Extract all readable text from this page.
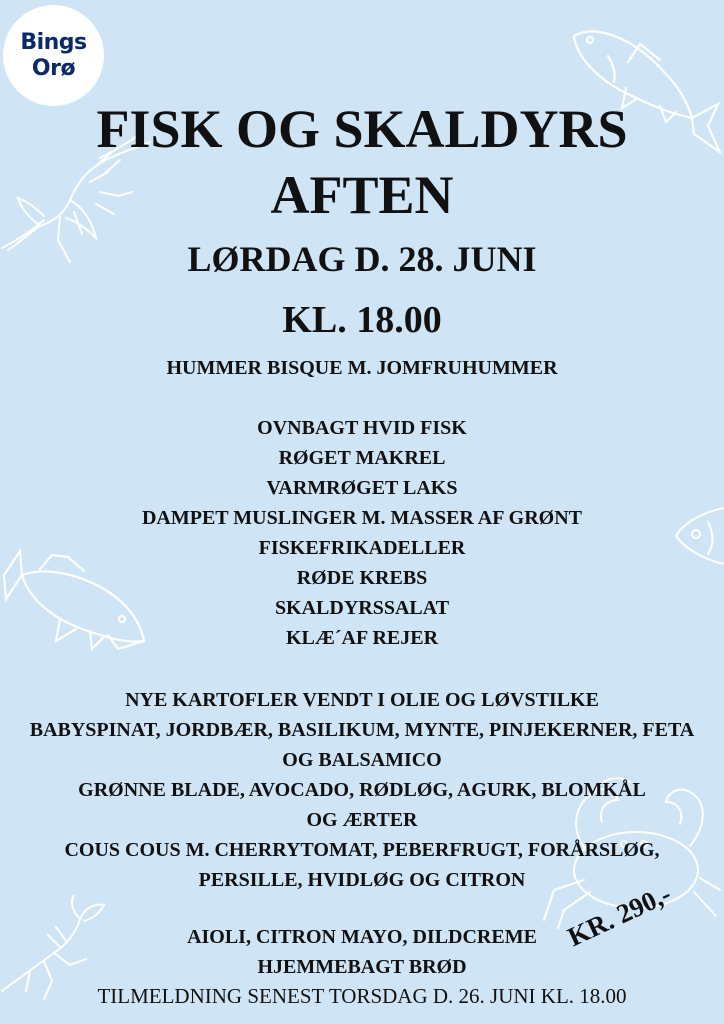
Bings
Orø
FISK OG SKALDYRS
AFTEN
LØRDAG D. 28. JUNI
KL. 18.00
HUMMER BISQUE M. JOMFRUHUMMER
OVNBAGT HVID FISK
RØGET MAKREL
VARMRØGET LAKS
DAMPET MUSLINGER M. MASSER AF GRØNT
FISKEFRIKADELLER
RØDE KREBS
SKALDYRSSALAT
KLÆ´AF REJER
NYE KARTOFLER VENDT I OLIE OG LØVSTILKE
BABYSPINAT, JORDBÆR, BASILIKUM, MYNTE, PINJEKERNER, FETA
OG BALSAMICO
GRØNNE BLADE, AVOCADO, RØDLØG, AGURK, BLOMKÅL
OG ÆRTER
COUS COUS M. CHERRYTOMAT, PEBERFRUGT, FORÅRSLØG,
PERSILLE, HVIDLØG OG CITRON
AIOLI, CITRON MAYO, DILDCREME
HJEMMEBAGT BRØD
KR. 290,-
TILMELDNING SENEST TORSDAG D. 26. JUNI KL. 18.00
